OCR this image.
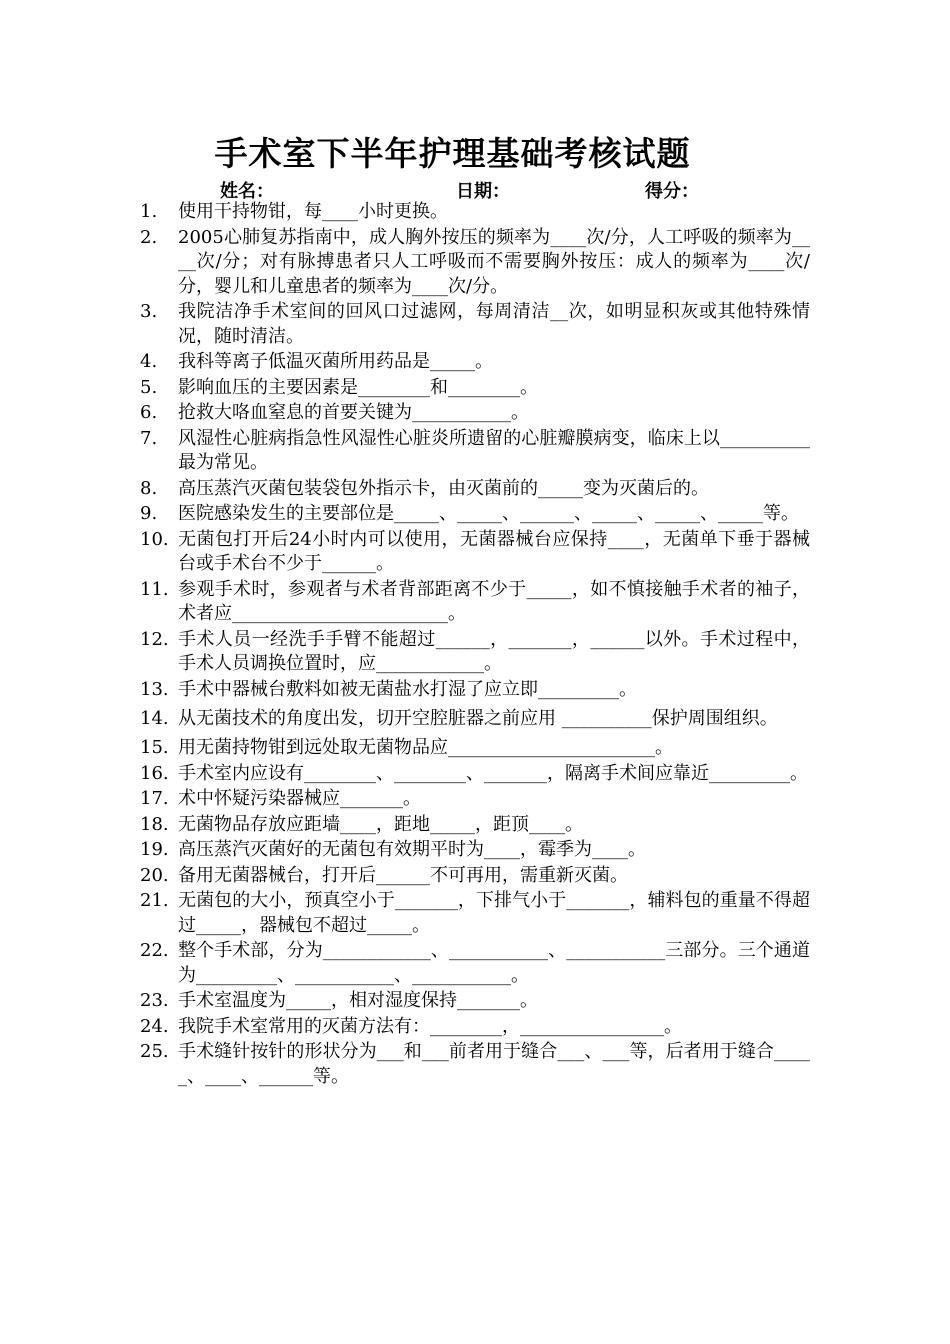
手术室下半年护理基础考核试题
姓名：	日期：	得分：
1.	使用干持物钳，每____小时更换。
2.	2005心肺复苏指南中，成人胸外按压的频率为____次/分，人工呼吸的频率为____次/分；对有脉搏患者只人工呼吸而不需要胸外按压：成人的频率为____次/分，婴儿和儿童患者的频率为____次/分。
3.	我院洁净手术室间的回风口过滤网，每周清洁__次，如明显积灰或其他特殊情况，随时清洁。
4.	我科等离子低温灭菌所用药品是_____。
5.	影响血压的主要因素是________和________。
6.	抢救大咯血窒息的首要关键为___________。
7.	风湿性心脏病指急性风湿性心脏炎所遗留的心脏瓣膜病变，临床上以__________最为常见。
8.	高压蒸汽灭菌包装袋包外指示卡，由灭菌前的_____变为灭菌后的。
9.	医院感染发生的主要部位是_____、_____、______、_____、_____、_____等。
10. 无菌包打开后24小时内可以使用，无菌器械台应保持____，无菌单下垂于器械台或手术台不少于______。
11. 参观手术时，参观者与术者背部距离不少于_____，如不慎接触手术者的袖子，术者应________________________。
12. 手术人员一经洗手手臂不能超过______，_______，______以外。手术过程中，手术人员调换位置时，应____________。
13. 手术中器械台敷料如被无菌盐水打湿了应立即_________。
14. 从无菌技术的角度出发，切开空腔脏器之前应用 __________保护周围组织。
15. 用无菌持物钳到远处取无菌物品应_______________________。
16. 手术室内应设有________、________、_______，隔离手术间应靠近_________。
17. 术中怀疑污染器械应_______。
18. 无菌物品存放应距墙____，距地_____，距顶____。
19. 高压蒸汽灭菌好的无菌包有效期平时为____，霉季为____。
20. 备用无菌器械台，打开后______不可再用，需重新灭菌。
21. 无菌包的大小，预真空小于_______，下排气小于_______，辅料包的重量不得超过_____，器械包不超过_____。
22. 整个手术部，分为____________、___________、___________三部分。三个通道为_________、___________、___________。
23. 手术室温度为_____，相对湿度保持_______。
24. 我院手术室常用的灭菌方法有：________，________________。
25. 手术缝针按针的形状分为___和___前者用于缝合___、___等，后者用于缝合_____、____、______等。
